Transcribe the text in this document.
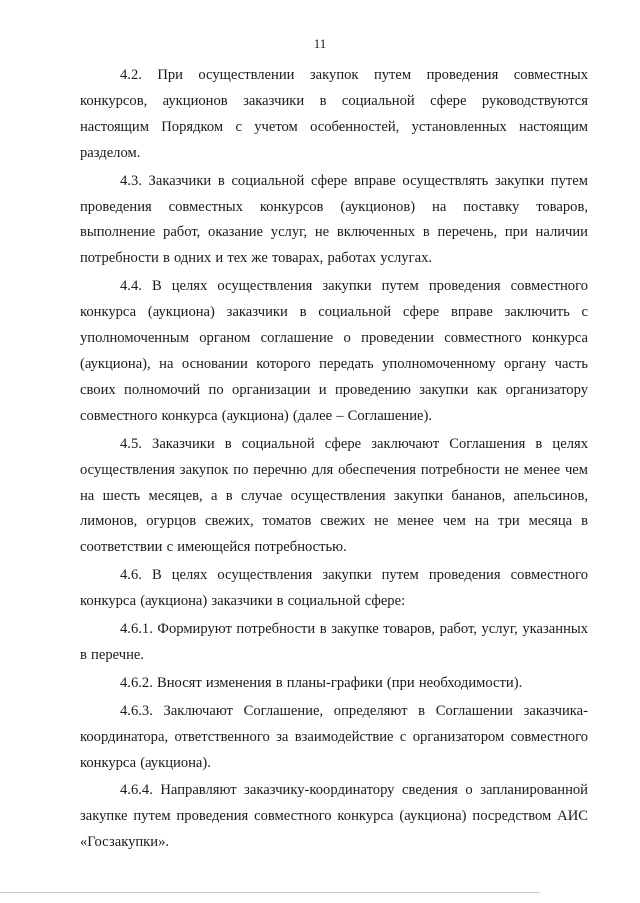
11

4.2. При осуществлении закупок путем проведения совместных конкурсов, аукционов заказчики в социальной сфере руководствуются настоящим Порядком с учетом особенностей, установленных настоящим разделом.

4.3. Заказчики в социальной сфере вправе осуществлять закупки путем проведения совместных конкурсов (аукционов) на поставку товаров, выполнение работ, оказание услуг, не включенных в перечень, при наличии потребности в одних и тех же товарах, работах услугах.

4.4. В целях осуществления закупки путем проведения совместного конкурса (аукциона) заказчики в социальной сфере вправе заключить с уполномоченным органом соглашение о проведении совместного конкурса (аукциона), на основании которого передать уполномоченному органу часть своих полномочий по организации и проведению закупки как организатору совместного конкурса (аукциона) (далее – Соглашение).

4.5. Заказчики в социальной сфере заключают Соглашения в целях осуществления закупок по перечню для обеспечения потребности не менее чем на шесть месяцев, а в случае осуществления закупки бананов, апельсинов, лимонов, огурцов свежих, томатов свежих не менее чем на три месяца в соответствии с имеющейся потребностью.

4.6. В целях осуществления закупки путем проведения совместного конкурса (аукциона) заказчики в социальной сфере:

4.6.1. Формируют потребности в закупке товаров, работ, услуг, указанных в перечне.

4.6.2. Вносят изменения в планы-графики (при необходимости).

4.6.3. Заключают Соглашение, определяют в Соглашении заказчика-координатора, ответственного за взаимодействие с организатором совместного конкурса (аукциона).

4.6.4. Направляют заказчику-координатору сведения о запланированной закупке путем проведения совместного конкурса (аукциона) посредством АИС «Госзакупки».
